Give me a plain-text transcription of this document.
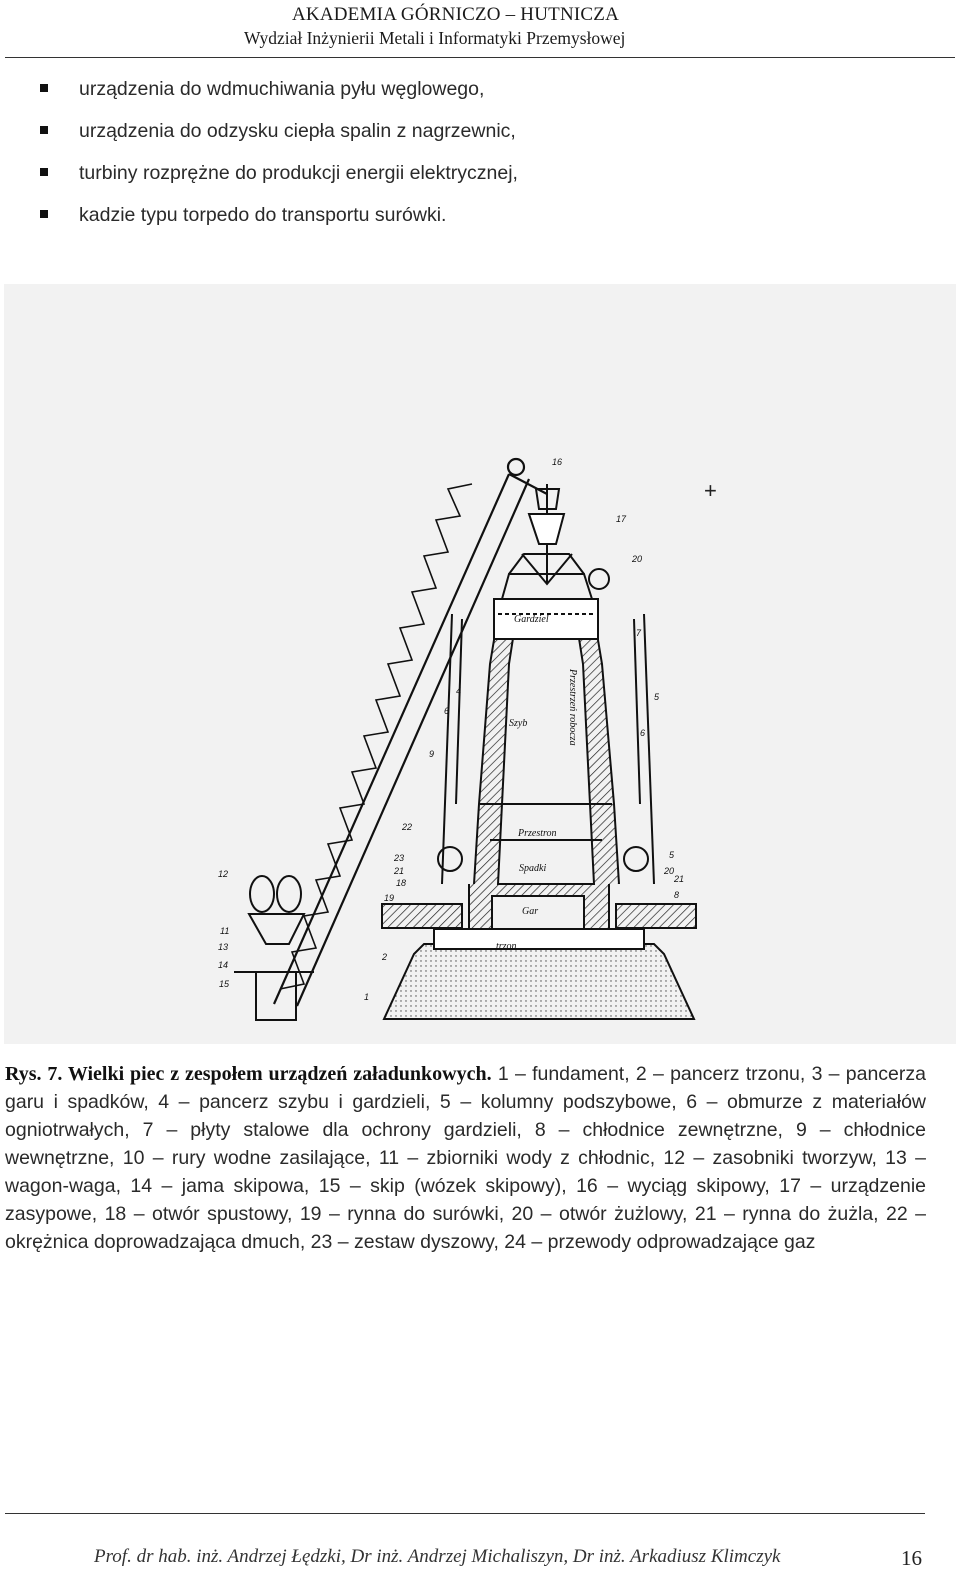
AKADEMIA GÓRNICZO – HUTNICZA
Wydział Inżynierii Metali i Informatyki Przemysłowej
urządzenia do wdmuchiwania pyłu węglowego,
urządzenia do odzysku ciepła spalin z nagrzewnic,
turbiny rozprężne do produkcji energii elektrycznej,
kadzie typu torpedo do transportu surówki.
Gardziel
Szyb
Przestron
Spadki
Gar
trzon
Przestrzeń robocza
16
17
20
7
4
6
6
5
9
22
23
21
18
19
2
1
5
20
21
8
12
11
13
14
15
+
Rys. 7. Wielki piec z zespołem urządzeń załadunkowych. 1 – fundament, 2 – pancerz trzonu, 3 – pancerza garu i spadków, 4 – pancerz szybu i gardzieli, 5 – kolumny podszybowe, 6 – obmurze z materiałów ogniotrwałych, 7 – płyty stalowe dla ochrony gardzieli, 8 – chłodnice zewnętrzne, 9 – chłodnice wewnętrzne, 10 – rury wodne zasilające, 11 – zbiorniki wody z chłodnic, 12 – zasobniki tworzyw, 13 – wagon-waga, 14 – jama skipowa, 15 – skip (wózek skipowy), 16 – wyciąg skipowy, 17 – urządzenie zasypowe, 18 – otwór spustowy, 19 – rynna do surówki, 20 – otwór żużlowy, 21 – rynna do żużla, 22 – okrężnica doprowadzająca dmuch, 23 – zestaw dyszowy, 24 – przewody odprowadzające gaz
Prof. dr hab. inż. Andrzej Łędzki, Dr inż. Andrzej Michaliszyn, Dr inż. Arkadiusz Klimczyk	16
